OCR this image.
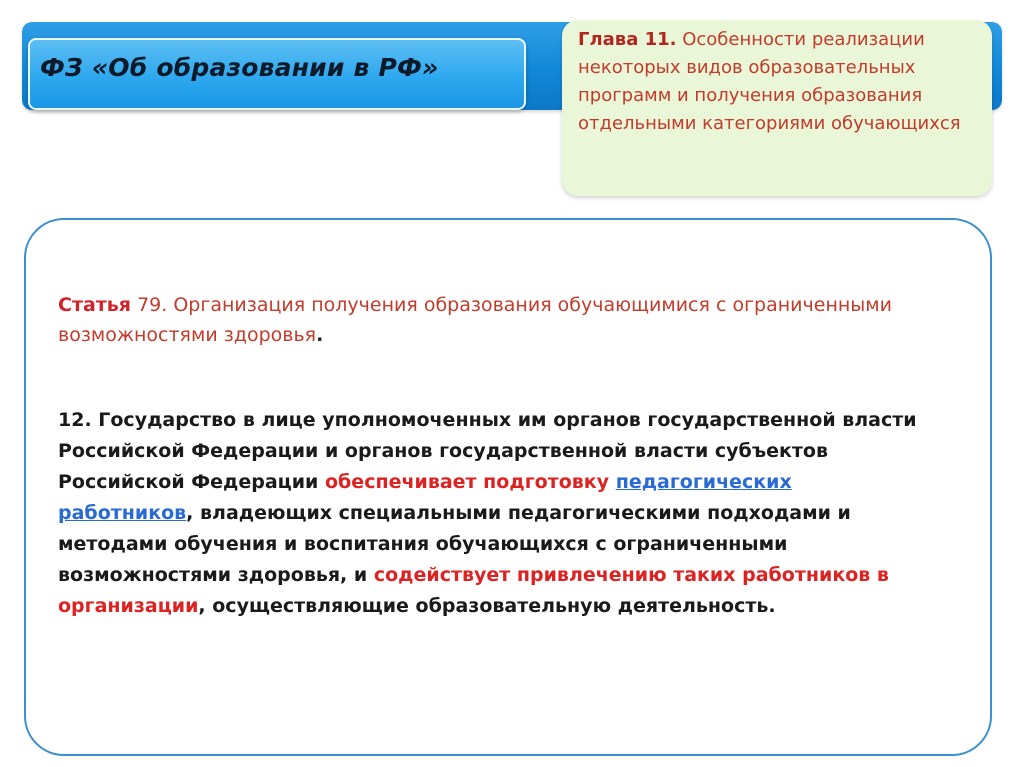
ФЗ «Об образовании в РФ»
Глава 11. Особенности реализации некоторых видов образовательных программ и получения образования отдельными категориями обучающихся
Статья 79. Организация получения образования обучающимися с ограниченными возможностями здоровья.
12. Государство в лице уполномоченных им органов государственной власти Российской Федерации и органов государственной власти субъектов Российской Федерации обеспечивает подготовку педагогических работников, владеющих специальными педагогическими подходами и методами обучения и воспитания обучающихся с ограниченными возможностями здоровья, и содействует привлечению таких работников в организации, осуществляющие образовательную деятельность.
